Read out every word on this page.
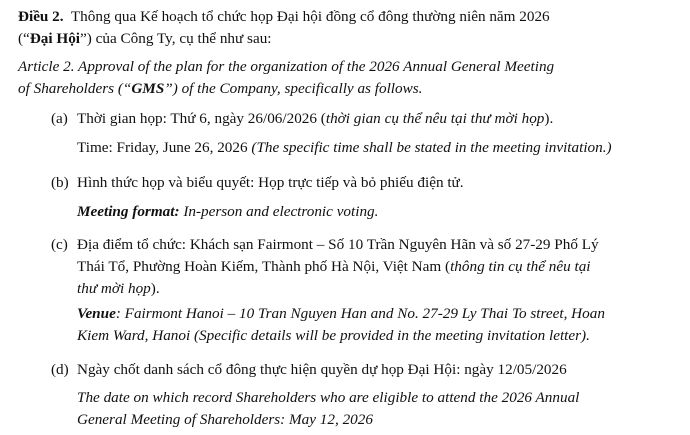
Điều 2. Thông qua Kế hoạch tổ chức họp Đại hội đồng cổ đông thường niên năm 2026
(“Đại Hội”) của Công Ty, cụ thể như sau:
Article 2. Approval of the plan for the organization of the 2026 Annual General Meeting
of Shareholders (“GMS”) of the Company, specifically as follows.
(a) Thời gian họp: Thứ 6, ngày 26/06/2026 (thời gian cụ thể nêu tại thư mời họp).
Time: Friday, June 26, 2026 (The specific time shall be stated in the meeting invitation.)
(b) Hình thức họp và biểu quyết: Họp trực tiếp và bỏ phiếu điện tử.
Meeting format: In-person and electronic voting.
(c) Địa điểm tổ chức: Khách sạn Fairmont – Số 10 Trần Nguyên Hãn và số 27-29 Phố Lý
Thái Tổ, Phường Hoàn Kiếm, Thành phố Hà Nội, Việt Nam (thông tin cụ thể nêu tại
thư mời họp).
Venue: Fairmont Hanoi – 10 Tran Nguyen Han and No. 27-29 Ly Thai To street, Hoan
Kiem Ward, Hanoi (Specific details will be provided in the meeting invitation letter).
(d) Ngày chốt danh sách cổ đông thực hiện quyền dự họp Đại Hội: ngày 12/05/2026
The date on which record Shareholders who are eligible to attend the 2026 Annual
General Meeting of Shareholders: May 12, 2026
